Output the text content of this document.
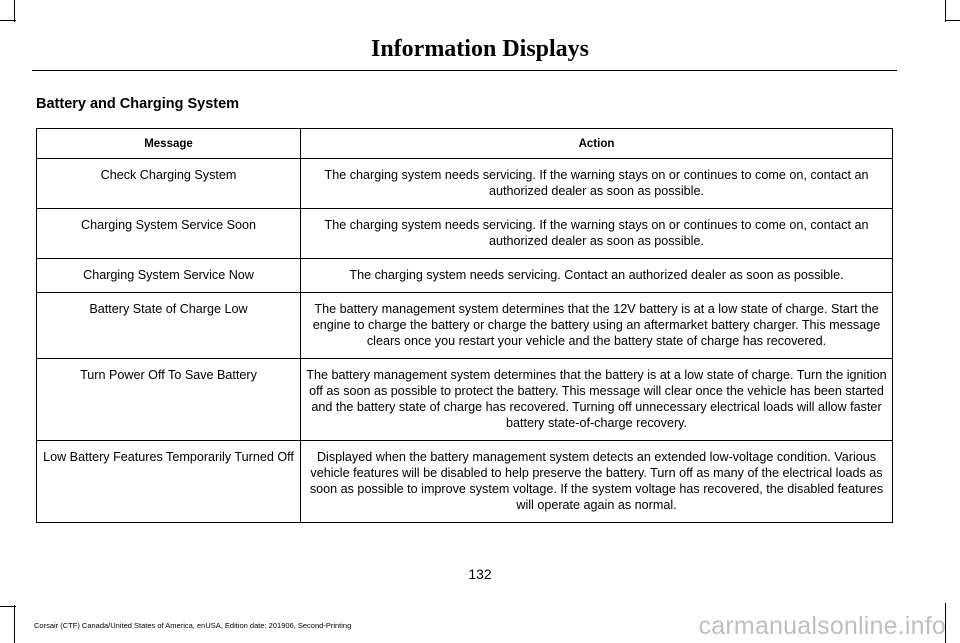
Information Displays
Battery and Charging System
Message	Action
Check Charging System	The charging system needs servicing. If the warning stays on or continues to come on, contact an authorized dealer as soon as possible.
Charging System Service Soon	The charging system needs servicing. If the warning stays on or continues to come on, contact an authorized dealer as soon as possible.
Charging System Service Now	The charging system needs servicing. Contact an authorized dealer as soon as possible.
Battery State of Charge Low	The battery management system determines that the 12V battery is at a low state of charge. Start the engine to charge the battery or charge the battery using an aftermarket battery charger. This message clears once you restart your vehicle and the battery state of charge has recovered.
Turn Power Off To Save Battery	The battery management system determines that the battery is at a low state of charge. Turn the ignition off as soon as possible to protect the battery. This message will clear once the vehicle has been started and the battery state of charge has recovered. Turning off unnecessary electrical loads will allow faster battery state-of-charge recovery.
Low Battery Features Temporarily Turned Off	Displayed when the battery management system detects an extended low-voltage condition. Various vehicle features will be disabled to help preserve the battery. Turn off as many of the electrical loads as soon as possible to improve system voltage. If the system voltage has recovered, the disabled features will operate again as normal.
132
Corsair (CTF) Canada/United States of America, enUSA, Edition date: 201906, Second-Printing	carmanualsonline.info
